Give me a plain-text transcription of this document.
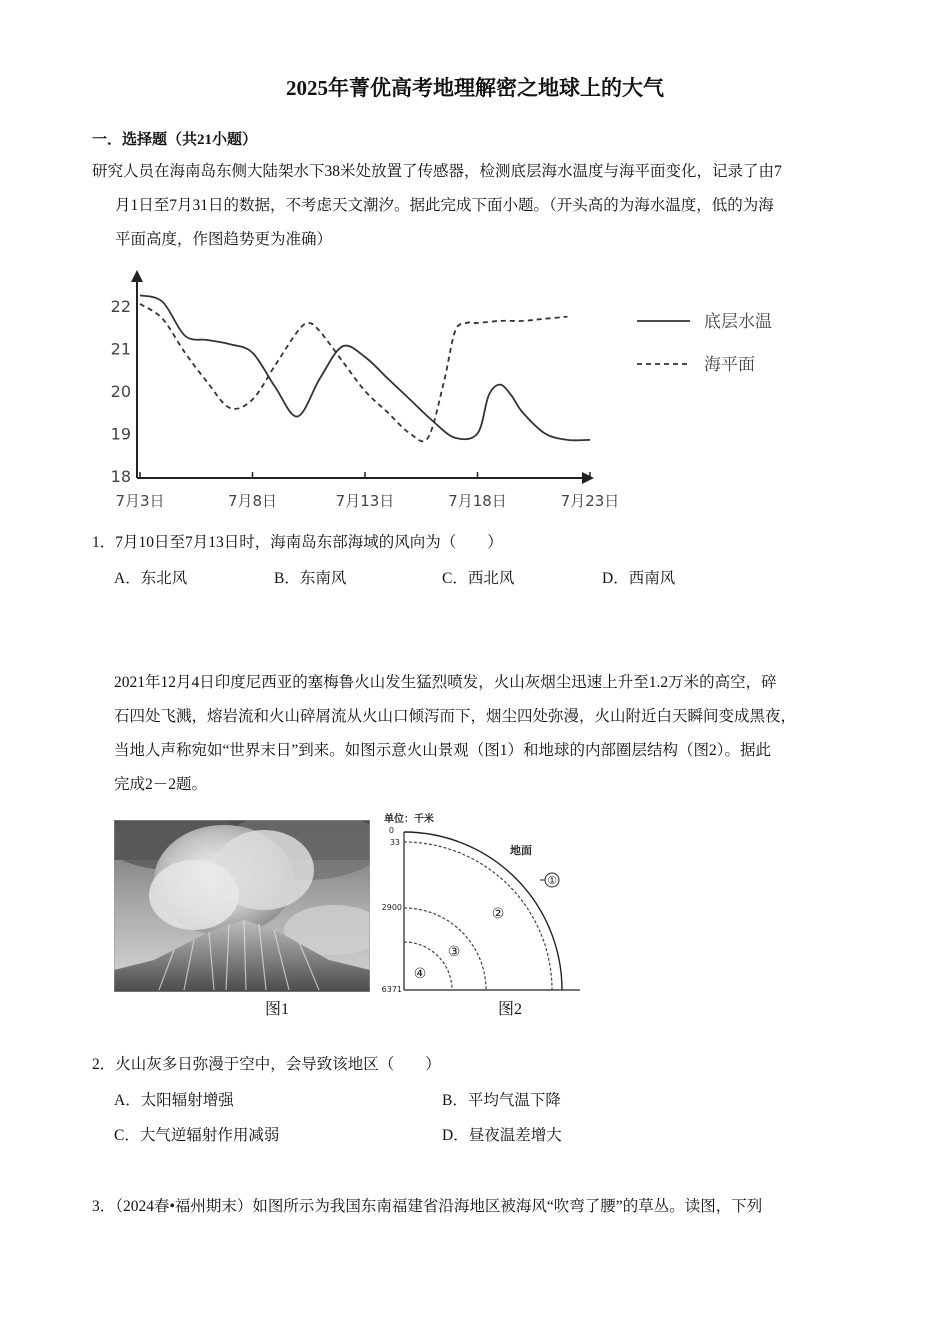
2025年菁优高考地理解密之地球上的大气
一．选择题（共21小题）
研究人员在海南岛东侧大陆架水下38米处放置了传感器，检测底层海水温度与海平面变化，记录了由7
月1日至7月31日的数据，不考虑天文潮汐。据此完成下面小题。（开头高的为海水温度，低的为海
平面高度，作图趋势更为准确）
7月3日	7月8日	7月13日	7月18日	7月23日
18
19
20
21
22
底层水温
海平面
1．7月10日至7月13日时，海南岛东部海域的风向为（　　）
A．东北风	B．东南风	C．西北风	D．西南风
2021年12月4日印度尼西亚的塞梅鲁火山发生猛烈喷发，火山灰烟尘迅速上升至1.2万米的高空，碎
石四处飞溅，熔岩流和火山碎屑流从火山口倾泻而下，烟尘四处弥漫，火山附近白天瞬间变成黑夜，
当地人声称宛如“世界末日”到来。如图示意火山景观（图1）和地球的内部圈层结构（图2）。据此
完成2－2题。
单位：千米
地面
0
33
2900
6371
①
②
③
④
图1	图2
2．火山灰多日弥漫于空中，会导致该地区（　　）
A．太阳辐射增强	B．平均气温下降
C．大气逆辐射作用减弱	D．昼夜温差增大
3．（2024春•福州期末）如图所示为我国东南福建省沿海地区被海风“吹弯了腰”的草丛。读图，下列
